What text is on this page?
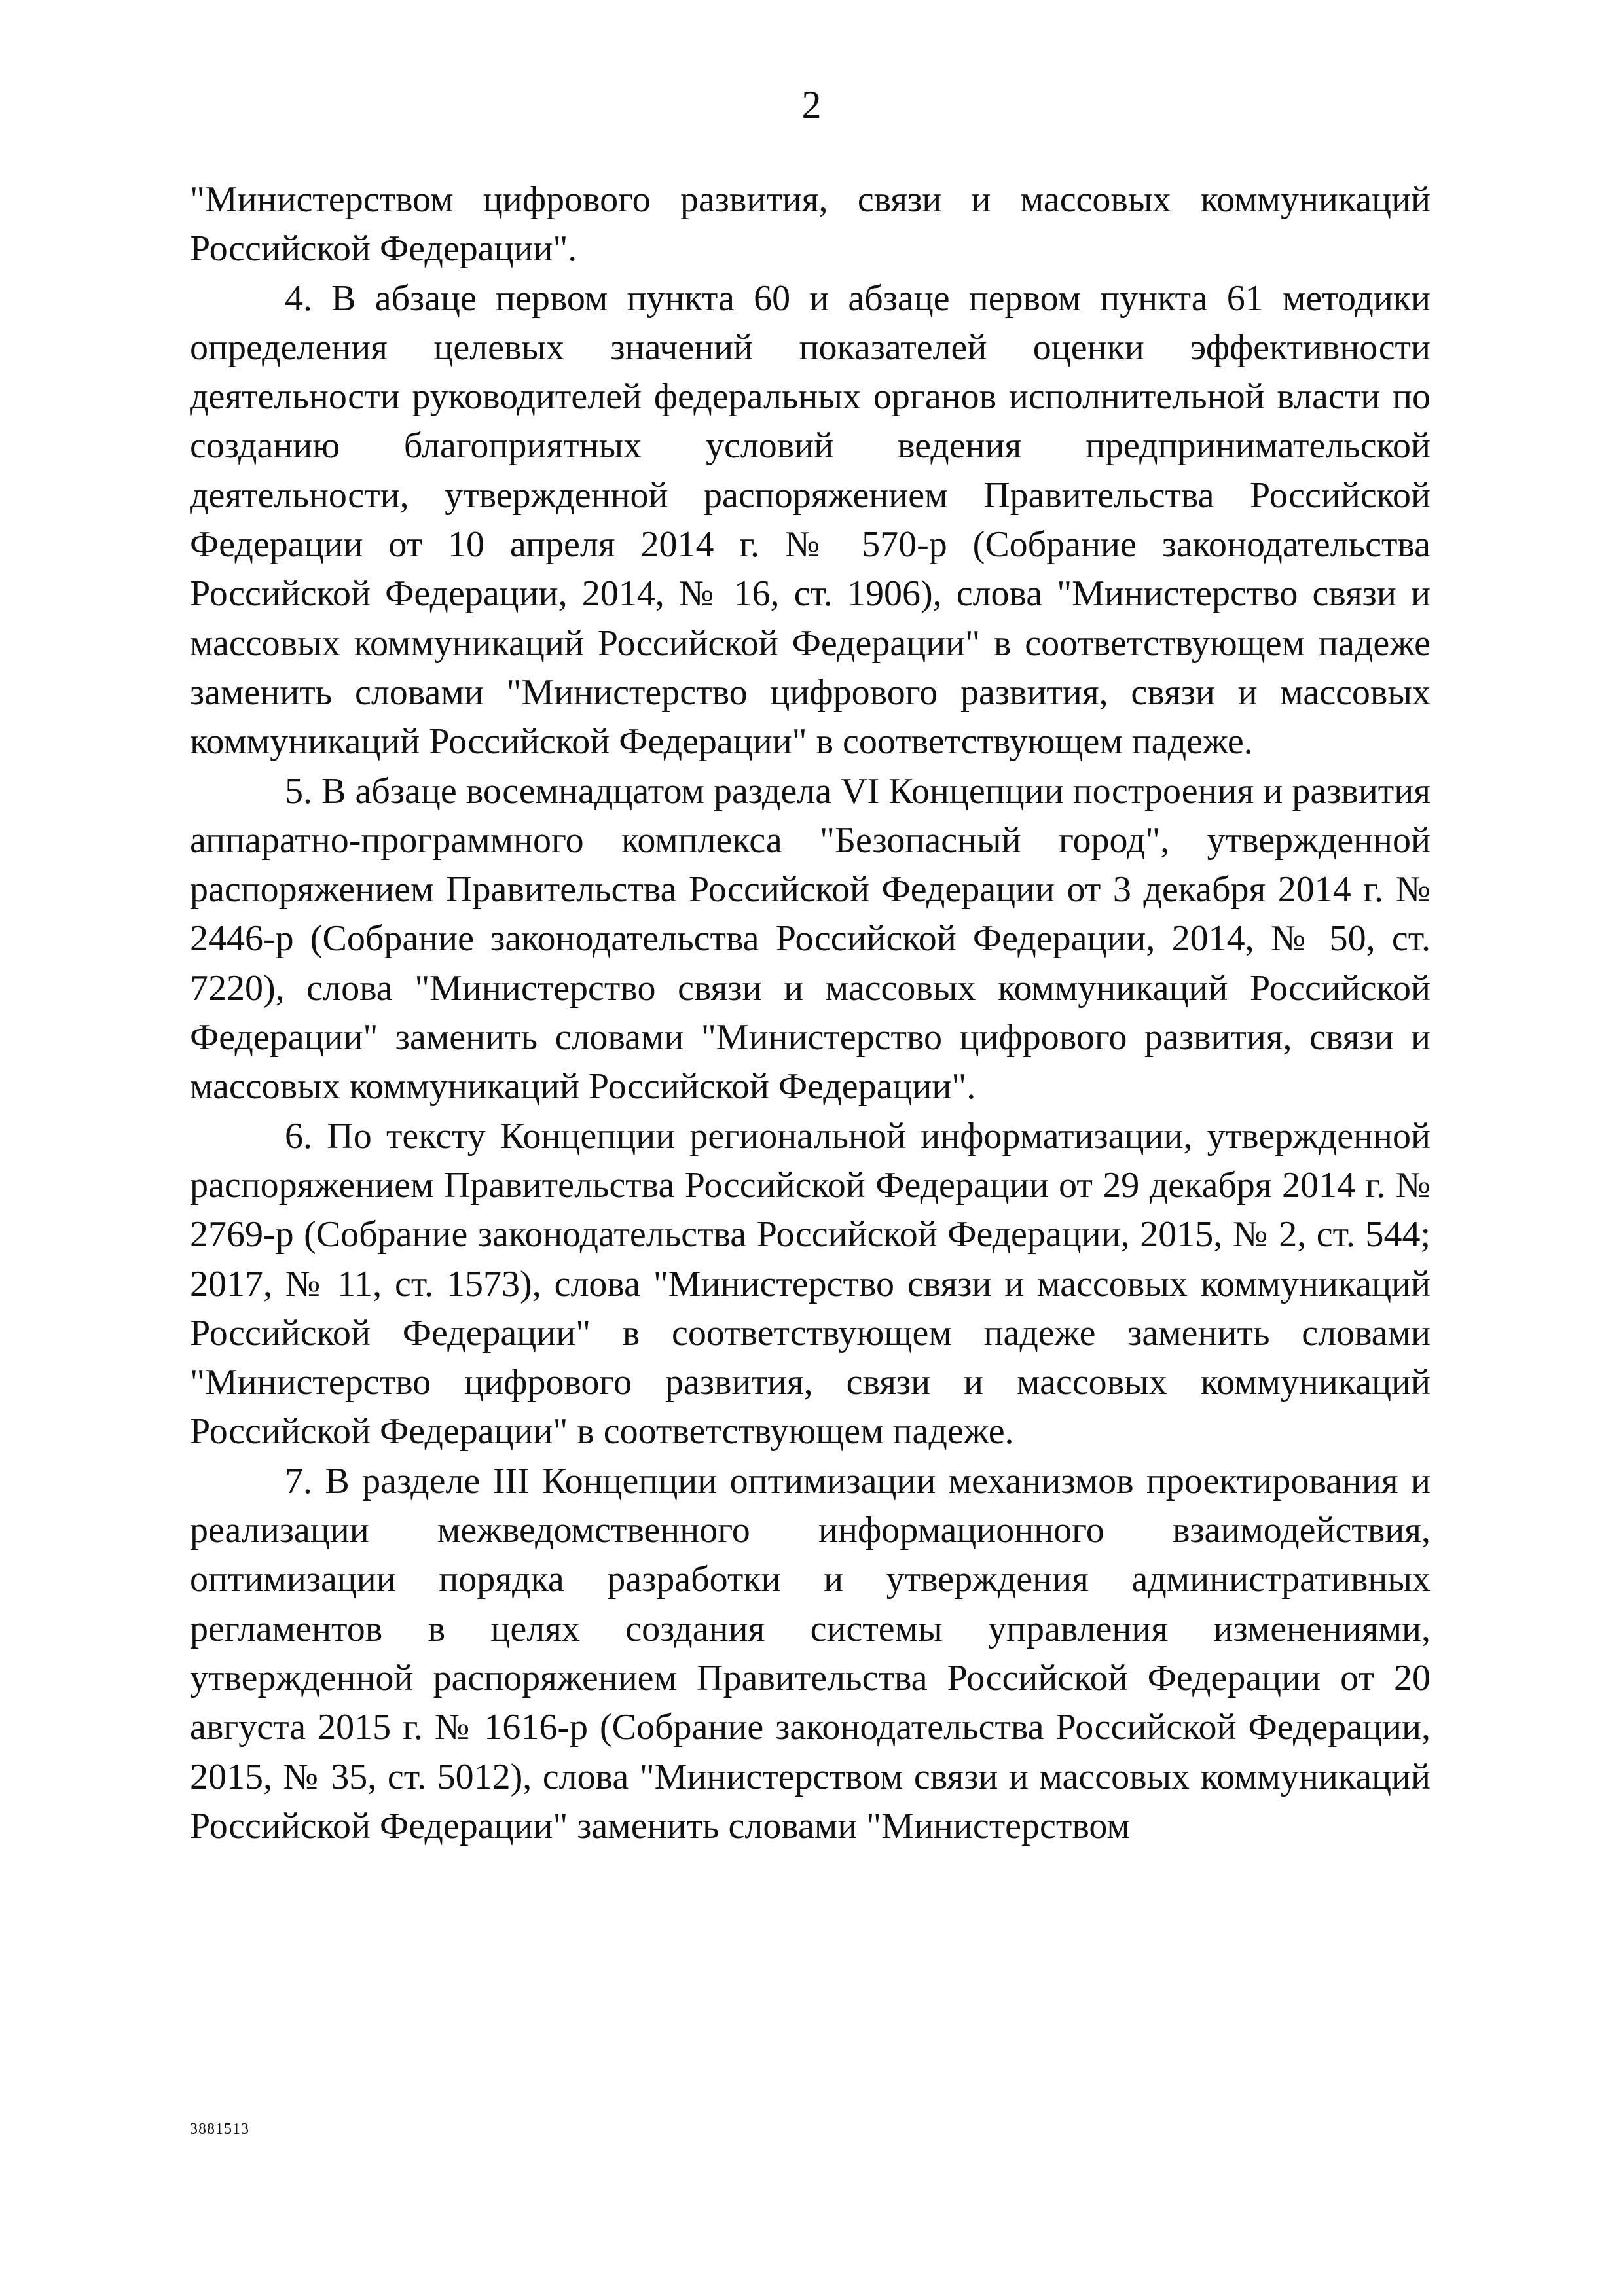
2

"Министерством цифрового развития, связи и массовых коммуникаций Российской Федерации".

4. В абзаце первом пункта 60 и абзаце первом пункта 61 методики определения целевых значений показателей оценки эффективности деятельности руководителей федеральных органов исполнительной власти по созданию благоприятных условий ведения предпринимательской деятельности, утвержденной распоряжением Правительства Российской Федерации от 10 апреля 2014 г. № 570-р (Собрание законодательства Российской Федерации, 2014, № 16, ст. 1906), слова "Министерство связи и массовых коммуникаций Российской Федерации" в соответствующем падеже заменить словами "Министерство цифрового развития, связи и массовых коммуникаций Российской Федерации" в соответствующем падеже.

5. В абзаце восемнадцатом раздела VI Концепции построения и развития аппаратно-программного комплекса "Безопасный город", утвержденной распоряжением Правительства Российской Федерации от 3 декабря 2014 г. № 2446-р (Собрание законодательства Российской Федерации, 2014, № 50, ст. 7220), слова "Министерство связи и массовых коммуникаций Российской Федерации" заменить словами "Министерство цифрового развития, связи и массовых коммуникаций Российской Федерации".

6. По тексту Концепции региональной информатизации, утвержденной распоряжением Правительства Российской Федерации от 29 декабря 2014 г. № 2769-р (Собрание законодательства Российской Федерации, 2015, № 2, ст. 544; 2017, № 11, ст. 1573), слова "Министерство связи и массовых коммуникаций Российской Федерации" в соответствующем падеже заменить словами "Министерство цифрового развития, связи и массовых коммуникаций Российской Федерации" в соответствующем падеже.

7. В разделе III Концепции оптимизации механизмов проектирования и реализации межведомственного информационного взаимодействия, оптимизации порядка разработки и утверждения административных регламентов в целях создания системы управления изменениями, утвержденной распоряжением Правительства Российской Федерации от 20 августа 2015 г. № 1616-р (Собрание законодательства Российской Федерации, 2015, № 35, ст. 5012), слова "Министерством связи и массовых коммуникаций Российской Федерации" заменить словами "Министерством

3881513
